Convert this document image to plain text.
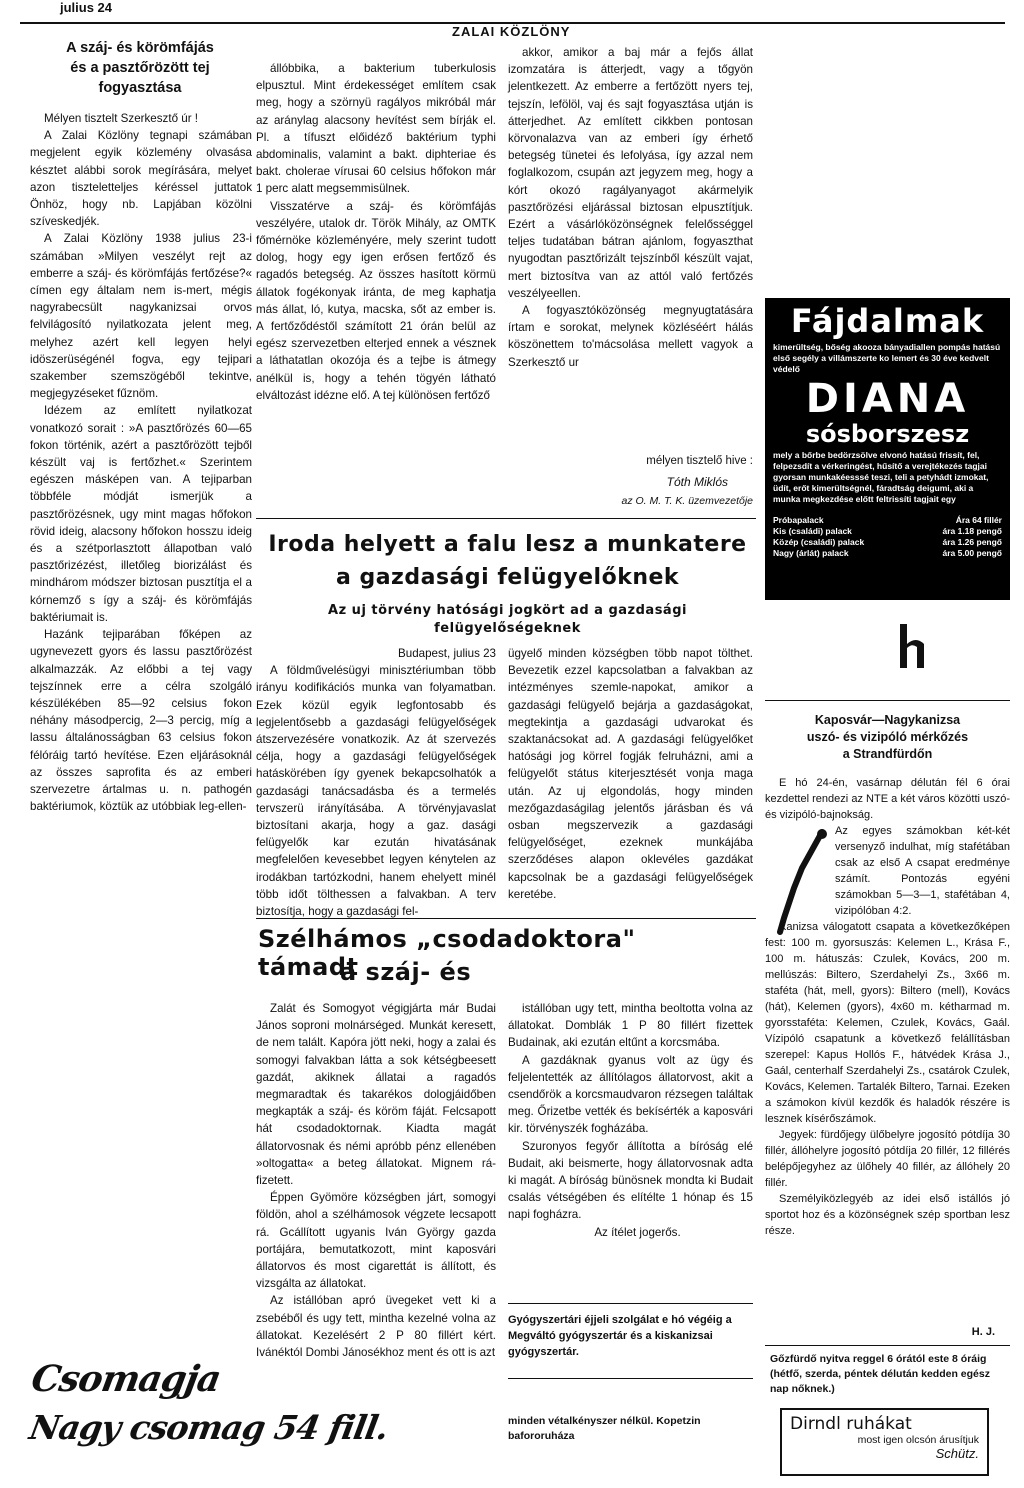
julius 24
ZALAI KÖZLÖNY
A száj- és körömfájás
és a pasztőrözött tej
fogyasztása

Mélyen tisztelt Szerkesztő úr !

A Zalai Közlöny tegnapi számában megjelent egyik közlemény olvasása késztet alábbi sorok megírására, melyet azon tiszteletteljes kéréssel juttatok Önhöz, hogy nb. Lapjában közölni szíveskedjék.

A Zalai Közlöny 1938 julius 23-i számában »Milyen veszélyt rejt az emberre a száj- és körömfájás fertőzése?« címen egy általam nem is-mert, mégis nagyrabecsült nagykanizsai orvos felvilágosító nyilatkozata jelent meg, melyhez azért kell legyen helyi idöszerüségénél fogva, egy tejipari szakember szemszögéből tekintve, megjegyzéseket fűznöm.

Idézem az említett nyilatkozat vonatkozó sorait : »A pasztőrözés 60—65 fokon történik, azért a pasztőrözött tejből készült vaj is fertőzhet.« Szerintem egészen másképen van. A tejiparban többféle módját ismerjük a pasztőrözésnek, ugy mint magas hőfokon rövid ideig, alacsony hőfokon hosszu ideig és a szétporlasztott állapotban való pasztőrizézést, illetőleg biorizálást és mindhárom módszer biztosan pusztítja el a kórnemző s így a száj- és körömfájás baktériumait is.

Hazánk tejiparában főképen az ugynevezett gyors és lassu pasztőrözést alkalmazzák. Az előbbi a tej vagy tejszínnek erre a célra szolgáló készülékében 85—92 celsius fokon néhány másodpercig, 2—3 percig, míg a lassu általánosságban 63 celsius fokon félóráig tartó hevítése. Ezen eljárásoknál az összes saprofita és az emberi szervezetre ártalmas u. n. pathogén baktériumok, köztük az utóbbiak leg-ellen-

állóbbika, a bakterium tuberkulosis elpusztul. Mint érdekességet említem csak meg, hogy a szörnyü ragályos mikróbál már az aránylag alacsony hevítést sem bírják el. Pl. a tífuszt előidéző baktérium typhi abdominalis, valamint a bakt. diphteriae és bakt. cholerae vírusai 60 celsius hőfokon már 1 perc alatt megsemmisülnek.

Visszatérve a száj- és körömfájás veszélyére, utalok dr. Török Mihály, az OMTK főmérnöke közleményére, mely szerint tudott dolog, hogy egy igen erősen fertőző és ragadós betegség. Az összes hasított körmü állatok fogékonyak iránta, de meg kaphatja más állat, ló, kutya, macska, sőt az ember is. A fertőződéstől számított 21 órán belül az egész szervezetben elterjed ennek a vésznek a láthatatlan okozója és a tejbe is átmegy anélkül is, hogy a tehén tögyén látható elváltozást idézne elő. A tej különösen fertőző

akkor, amikor a baj már a fejős állat izomzatára is átterjedt, vagy a tőgyön jelentkezett. Az emberre a fertőzött nyers tej, tejszín, lefölöl, vaj és sajt fogyasztása utján is átterjedhet. Az említett cikkben pontosan körvonalazva van az emberi így érhető betegség tünetei és lefolyása, így azzal nem foglalkozom, csupán azt jegyzem meg, hogy a kórt okozó ragályanyagot akármelyik pasztőrözési eljárással biztosan elpusztítjuk. Ezért a vásárlóközönségnek felelősséggel teljes tudatában bátran ajánlom, fogyaszthat nyugodtan pasztőrizált tejszínből készült vajat, mert biztosítva van az attól való fertőzés veszélyeellen.

A fogyasztóközönség megnyugtatására írtam e sorokat, melynek közléséért hálás köszönettem to'mácsolása mellett vagyok a Szerkesztő ur

mélyen tisztelő hive :
Tóth Miklós
az O. M. T. K. üzemvezetője
Iroda helyett a falu lesz a munkatere
a gazdasági felügyelőknek
Az uj törvény hatósági jogkört ad a gazdasági
felügyelőségeknek

Budapest, julius 23

A földművelésügyi minisztériumban több irányu kodifikációs munka van folyamatban. Ezek közül egyik legfontosabb és legjelentősebb a gazdasági felügyelőségek átszervezésére vonatkozik. Az át szervezés célja, hogy a gazdasági felügyelőségek hatáskörében így gyenek bekapcsolhatók a gazdasági tanácsadásba és a termelés tervszerü irányításába. A törvényjavaslat biztosítani akarja, hogy a gaz. dasági felügyelők kar ezután hivatásának megfelelően kevesebbet legyen kénytelen az irodákban tartózkodni, hanem ehelyett minél több időt tölthessen a falvakban. A terv biztosítja, hogy a gazdasági fel-

ügyelő minden községben több napot tölthet. Bevezetik ezzel kapcsolatban a falvakban az intézményes szemle-napokat, amikor a gazdasági felügyelő bejárja a gazdaságokat, megtekintja a gazdasági udvarokat és szaktanácsokat ad. A gazdasági felügyelőket hatósági jog körrel fogják felruházni, ami a felügyelőt státus kiterjesztését vonja maga után. Az uj elgondolás, hogy minden mezőgazdaságilag jelentős járásban és vá osban megszervezik a gazdasági felügyelőséget, ezeknek munkájába szerződéses alapon oklevéles gazdákat kapcsolnak be a gazdasági felügyelőségek keretébe.

Szélhámos „csodadoktora" támadt
a száj- és

Zalát és Somogyot végigjárta már Budai János soproni molnárséged. Munkát keresett, de nem talált. Kapóra jött neki, hogy a zalai és somogyi falvakban látta a sok kétségbeesett gazdát, akiknek állatai a ragadós megmaradtak és takarékos dologjáidőben megkapták a száj- és köröm fáját. Felcsapott hát csodadoktornak. Kiadta magát állatorvosnak és némi apróbb pénz ellenében »oltogatta« a beteg állatokat. Mignem rá-fizetett.

Éppen Gyömöre községben járt, somogyi földön, ahol a szélhámosok végzete lecsapott rá. Gcállított ugyanis Iván György gazda portájára, bemutatkozott, mint kaposvári állatorvos és most cigarettát is állított, és vizsgálta az állatokat.

Az istállóban apró üvegeket vett ki a zsebéből és ugy tett, mintha kezelné volna az állatokat. Kezelésért 2 P 80 fillért kért. Ivánéktól Dombi Jánosékhoz ment és ott is azt

istállóban ugy tett, mintha beoltotta volna az állatokat. Domblák 1 P 80 fillért fizettek Budainak, aki ezután eltűnt a korcsmába.

A gazdáknak gyanus volt az ügy és feljelentették az állítólagos állatorvost, akit a csendőrök a korcsmaudvaron rézsegen találtak meg. Őrizetbe vették és bekísérték a kaposvári kir. törvényszék fogházába.

Szuronyos fegyőr állította a bíróság elé Budait, aki beismerte, hogy állatorvosnak adta ki magát. A bíróság bünösnek mondta ki Budait csalás vétségében és elítélte 1 hónap és 15 napi fogházra.

Az ítélet jogerős.

Gyógyszertári éjjeli szolgálat e hó végéig a Megváltó gyógyszertár és a kiskanizsai gyógyszertár.
minden vétalkényszer nélkül. Kopetzin bafororuháza
Fájdalmak
kimerültség, bőség akooza bányadiallen pompás hatású első segély a villámszerte ko lemert és 30 éve kedvelt védelő
DIANA
sósborszesz
mely a bőrbe bedörzsölve elvonó hatású frissít, fel, felpezsdít a vérkeringést, hűsítő a verejtékezés tagjai gyorsan munkakéesssé teszi, teli a petyhádt izmokat, üdít, erőt kimerültségnél, fáradtság deigumi, aki a munka megkezdése előtt feltrissíti tagjait egy
Próbapalack	Ára 64 fillér
Kis (családi) palack	ára 1.18 pengő
Közép (családi) palack	ára 1.26 pengő
Nagy (árlát) palack	ára 5.00 pengő
Kaposvár—Nagykanizsa
uszó- és vizipóló mérkőzés
a Strandfürdőn

E hó 24-én, vasárnap délután fél 6 órai kezdettel rendezi az NTE a két város közötti uszó- és vizipóló-bajnokság.

Az egyes számokban két-két versenyző indulhat, míg stafétában csak az első A csapat eredménye számít. Pontozás egyéni számokban 5—3—1, stafétában 4, vizipólóban 4:2.

Kanizsa válogatott csapata a következőképen fest: 100 m. gyorsuszás: Kelemen L., Krása F., 100 m. hátuszás: Czulek, Kovács, 200 m. mellúszás: Biltero, Szerdahelyi Zs., 3x66 m. staféta (hát, mell, gyors): Biltero (mell), Kovács (hát), Kelemen (gyors), 4x60 m. kétharmad m. gyorsstaféta: Kelemen, Czulek, Kovács, Gaál. Vízipóló csapatunk a következő felállításban szerepel: Kapus Hollós F., hátvédek Krása J., Gaál, centerhalf Szerdahelyi Zs., csatárok Czulek, Kovács, Kelemen. Tartalék Biltero, Tarnai. Ezeken a számokon kívül kezdők és haladók részére is lesznek kísérőszámok.

Jegyek: fürdőjegy ülőbelyre jogosító pótdíja 30 fillér, állóhelyre jogosító pótdíja 20 fillér, 12 fillérés belépőjegyhez az ülőhely 40 fillér, az állóhely 20 fillér.

Személyiközlegyéb az idei első istállós jó sportot hoz és a közönségnek szép sportban lesz része.

H. J.
Gőzfürdő nyitva reggel 6 órától este 8 óráig (hétfő, szerda, péntek délután kedden egész nap nőknek.)
Dirndl ruhákat
most igen olcsón árusítjuk
Schütz.
Csomagja
Nagy csomag 54 fill.
